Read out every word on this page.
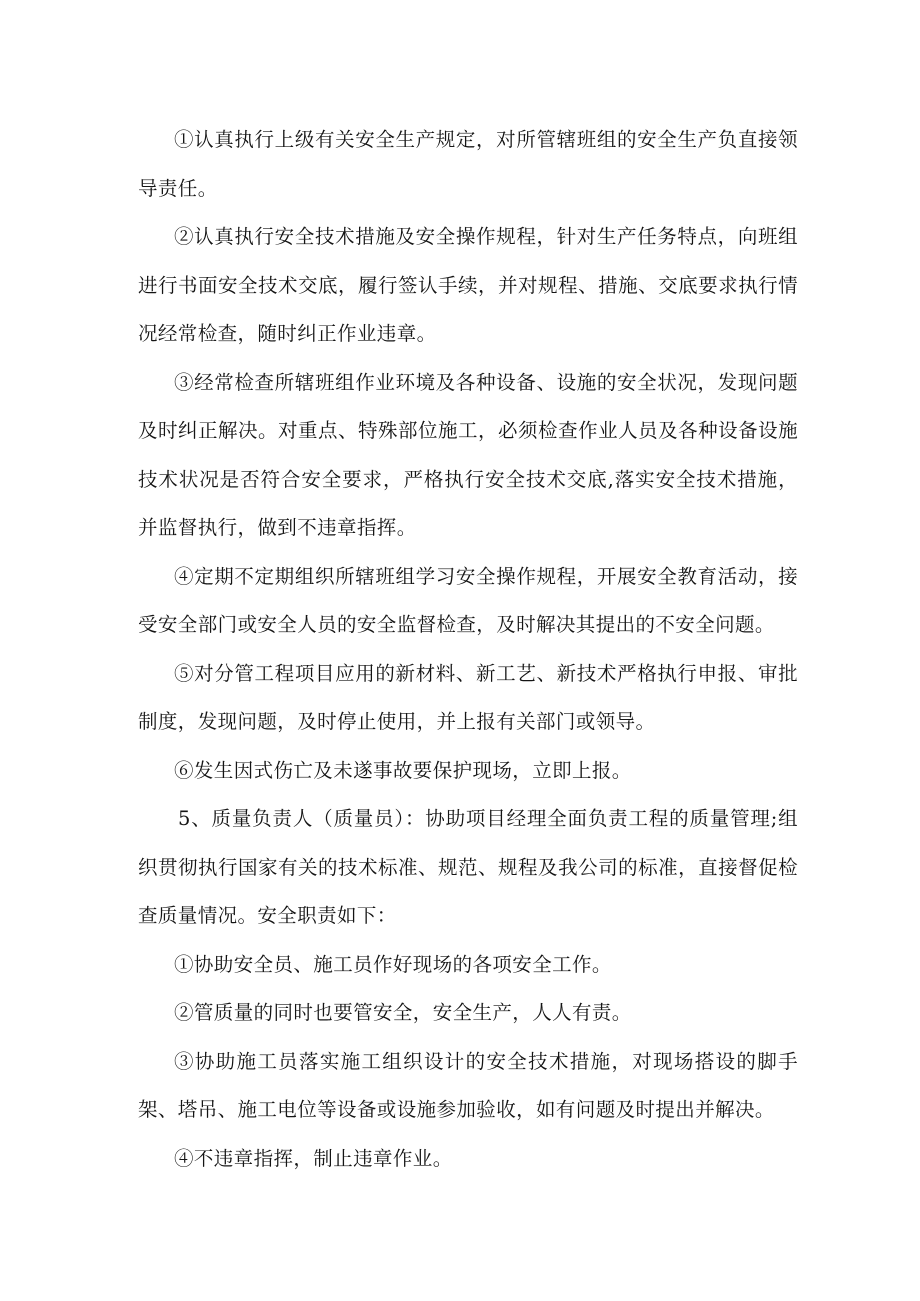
①认真执行上级有关安全生产规定，对所管辖班组的安全生产负直接领导责任。

②认真执行安全技术措施及安全操作规程，针对生产任务特点，向班组进行书面安全技术交底，履行签认手续，并对规程、措施、交底要求执行情况经常检查，随时纠正作业违章。

③经常检查所辖班组作业环境及各种设备、设施的安全状况，发现问题及时纠正解决。对重点、特殊部位施工，必须检查作业人员及各种设备设施技术状况是否符合安全要求，严格执行安全技术交底,落实安全技术措施，并监督执行，做到不违章指挥。

④定期不定期组织所辖班组学习安全操作规程，开展安全教育活动，接受安全部门或安全人员的安全监督检查，及时解决其提出的不安全问题。

⑤对分管工程项目应用的新材料、新工艺、新技术严格执行申报、审批制度，发现问题，及时停止使用，并上报有关部门或领导。

⑥发生因式伤亡及未遂事故要保护现场，立即上报。

5、质量负责人（质量员）：协助项目经理全面负责工程的质量管理;组织贯彻执行国家有关的技术标准、规范、规程及我公司的标准，直接督促检查质量情况。安全职责如下：

①协助安全员、施工员作好现场的各项安全工作。

②管质量的同时也要管安全，安全生产，人人有责。

③协助施工员落实施工组织设计的安全技术措施，对现场搭设的脚手架、塔吊、施工电位等设备或设施参加验收，如有问题及时提出并解决。

④不违章指挥，制止违章作业。
